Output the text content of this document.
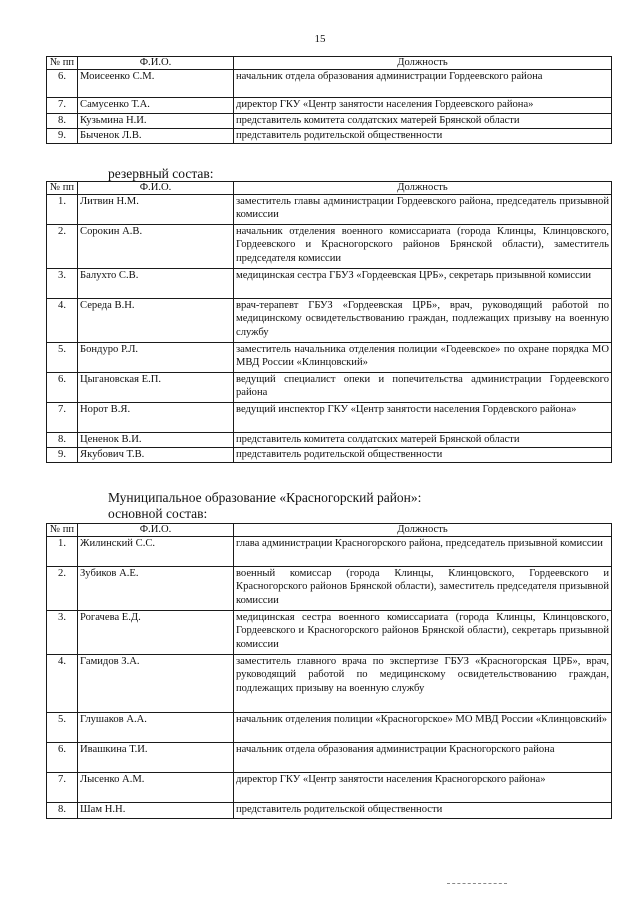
15
№ пп	Ф.И.О.	Должность
6.	Моисеенко С.М.	начальник отдела образования администрации Гордеевского района
7.	Самусенко Т.А.	директор ГКУ «Центр занятости населения Гордеевского района»
8.	Кузьмина Н.И.	представитель комитета солдатских матерей Брянской области
9.	Быченок Л.В.	представитель родительской общественности
резервный состав:
№ пп	Ф.И.О.	Должность
1.	Литвин Н.М.	заместитель главы администрации Гордеевского района, председатель призывной комиссии
2.	Сорокин А.В.	начальник отделения военного комиссариата (города Клинцы, Клинцовского, Гордеевского и Красногорского районов Брянской области), заместитель председателя комиссии
3.	Балухто С.В.	медицинская сестра ГБУЗ «Гордеевская ЦРБ», секретарь призывной комиссии
4.	Середа В.Н.	врач-терапевт ГБУЗ «Гордеевская ЦРБ», врач, руководящий работой по медицинскому освидетельствованию граждан, подлежащих призыву на военную службу
5.	Бондуро Р.Л.	заместитель начальника отделения полиции «Годеевское» по охране порядка МО МВД России «Клинцовский»
6.	Цыгановская Е.П.	ведущий специалист опеки и попечительства администрации Гордеевского района
7.	Норот В.Я.	ведущий инспектор ГКУ «Центр занятости населения Гордевского района»
8.	Цененок В.И.	представитель комитета солдатских матерей Брянской области
9.	Якубович Т.В.	представитель родительской общественности
Муниципальное образование «Красногорский район»:
основной состав:
№ пп	Ф.И.О.	Должность
1.	Жилинский С.С.	глава администрации Красногорского района, председатель призывной комиссии
2.	Зубиков А.Е.	военный комиссар (города Клинцы, Клинцовского, Гордеевского и Красногорского районов Брянской области), заместитель председателя призывной комиссии
3.	Рогачева Е.Д.	медицинская сестра военного комиссариата (города Клинцы, Клинцовского, Гордеевского и Красногорского районов Брянской области), секретарь призывной комиссии
4.	Гамидов З.А.	заместитель главного врача по экспертизе ГБУЗ «Красногорская ЦРБ», врач, руководящий работой по медицинскому освидетельствованию граждан, подлежащих призыву на военную службу
5.	Глушаков А.А.	начальник отделения полиции «Красногорское» МО МВД России «Клинцовский»
6.	Ивашкина Т.И.	начальник отдела образования администрации Красногорского района
7.	Лысенко А.М.	директор ГКУ «Центр занятости населения Красногорского района»
8.	Шам Н.Н.	представитель родительской общественности
